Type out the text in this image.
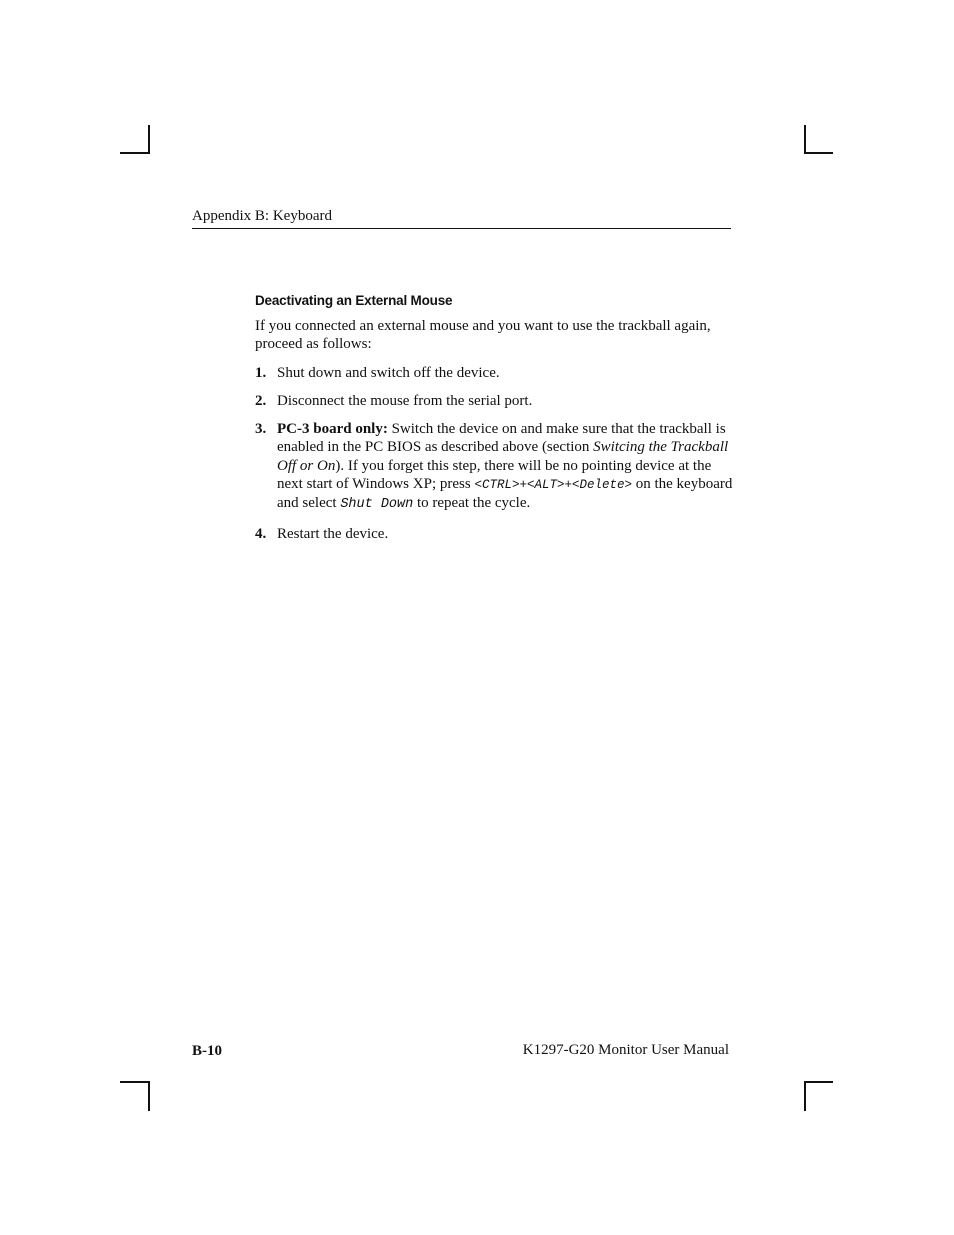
Appendix B: Keyboard
Deactivating an External Mouse

If you connected an external mouse and you want to use the trackball again, proceed as follows:

1. Shut down and switch off the device.
2. Disconnect the mouse from the serial port.
3. PC-3 board only: Switch the device on and make sure that the trackball is enabled in the PC BIOS as described above (section Switcing the Trackball Off or On). If you forget this step, there will be no pointing device at the next start of Windows XP; press <CTRL>+<ALT>+<Delete> on the keyboard and select Shut Down to repeat the cycle.
4. Restart the device.
B-10	K1297-G20 Monitor User Manual
